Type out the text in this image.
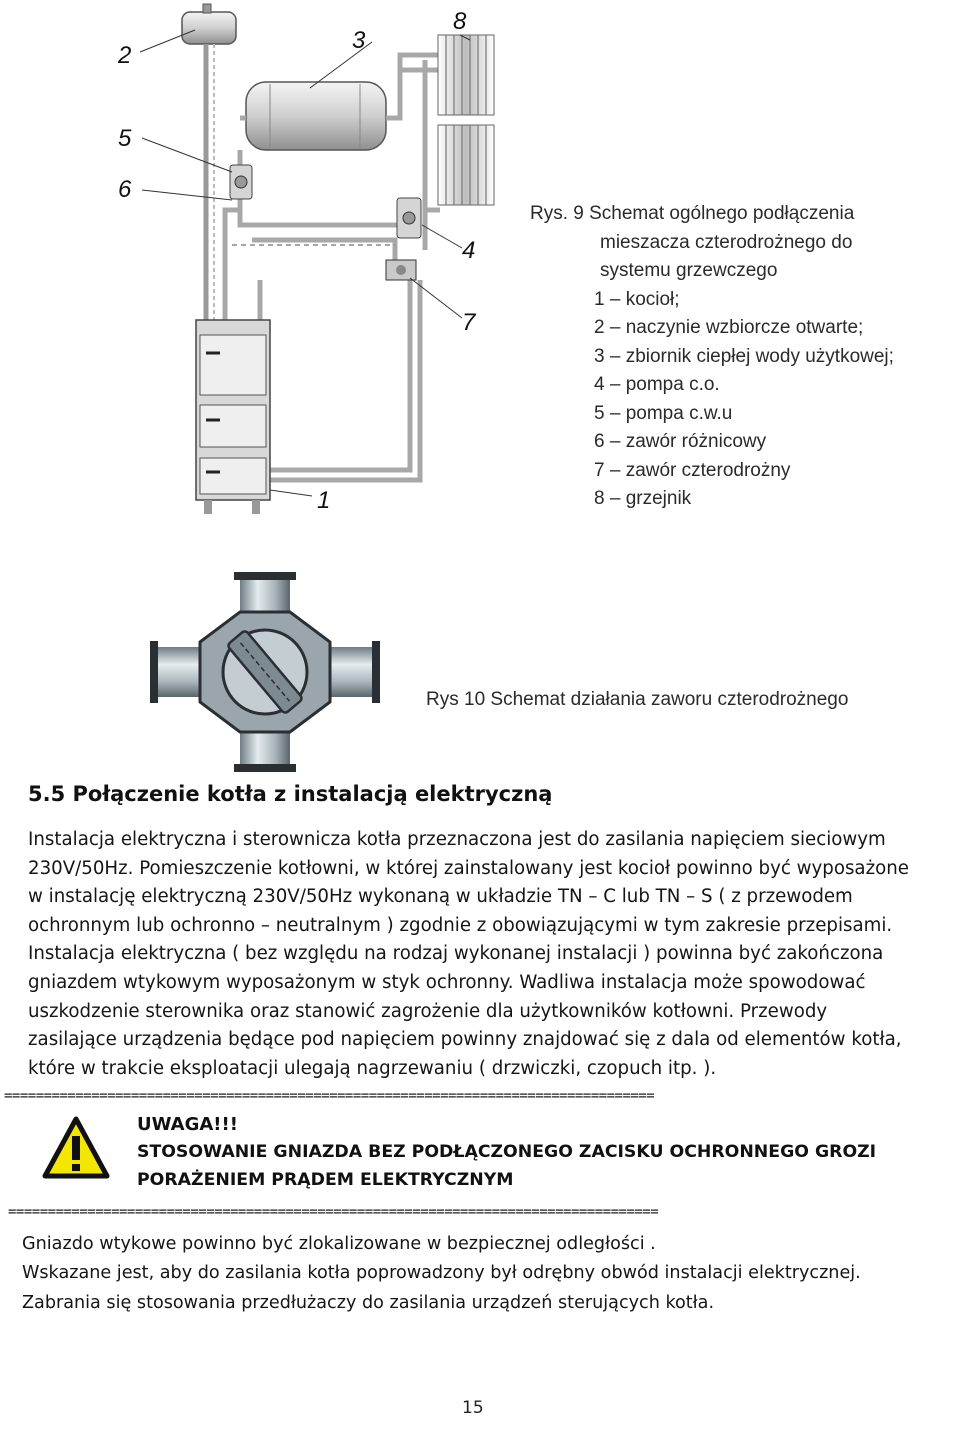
1
2
3
4
5
6
7
8
Rys. 9 Schemat ogólnego podłączenia
mieszacza czterodrożnego do
systemu grzewczego
1 – kocioł;
2 – naczynie wzbiorcze otwarte;
3 – zbiornik ciepłej wody użytkowej;
4 – pompa c.o.
5 – pompa c.w.u
6 – zawór różnicowy
7 – zawór czterodrożny
8 – grzejnik
Rys 10 Schemat działania zaworu czterodrożnego
5.5 Połączenie kotła z instalacją elektryczną
Instalacja elektryczna i sterownicza kotła przeznaczona jest do zasilania napięciem sieciowym
230V/50Hz. Pomieszczenie kotłowni, w której zainstalowany jest kocioł powinno być wyposażone
w instalację elektryczną 230V/50Hz wykonaną w układzie TN – C lub TN – S ( z przewodem
ochronnym lub ochronno – neutralnym ) zgodnie z obowiązującymi w tym zakresie przepisami.
Instalacja elektryczna ( bez względu na rodzaj wykonanej instalacji ) powinna być zakończona
gniazdem wtykowym wyposażonym w styk ochronny. Wadliwa instalacja może spowodować
uszkodzenie sterownika oraz stanowić zagrożenie dla użytkowników kotłowni. Przewody
zasilające urządzenia będące pod napięciem powinny znajdować się z dala od elementów kotła,
które w trakcie eksploatacji ulegają nagrzewaniu ( drzwiczki, czopuch itp. ).
==================================================================================
UWAGA!!!
STOSOWANIE GNIAZDA BEZ PODŁĄCZONEGO ZACISKU OCHRONNEGO GROZI
PORAŻENIEM PRĄDEM ELEKTRYCZNYM
==================================================================================
Gniazdo wtykowe powinno być zlokalizowane w bezpiecznej odległości .
Wskazane jest, aby do zasilania kotła poprowadzony był odrębny obwód instalacji elektrycznej.
Zabrania się stosowania przedłużaczy do zasilania urządzeń sterujących kotła.
15
